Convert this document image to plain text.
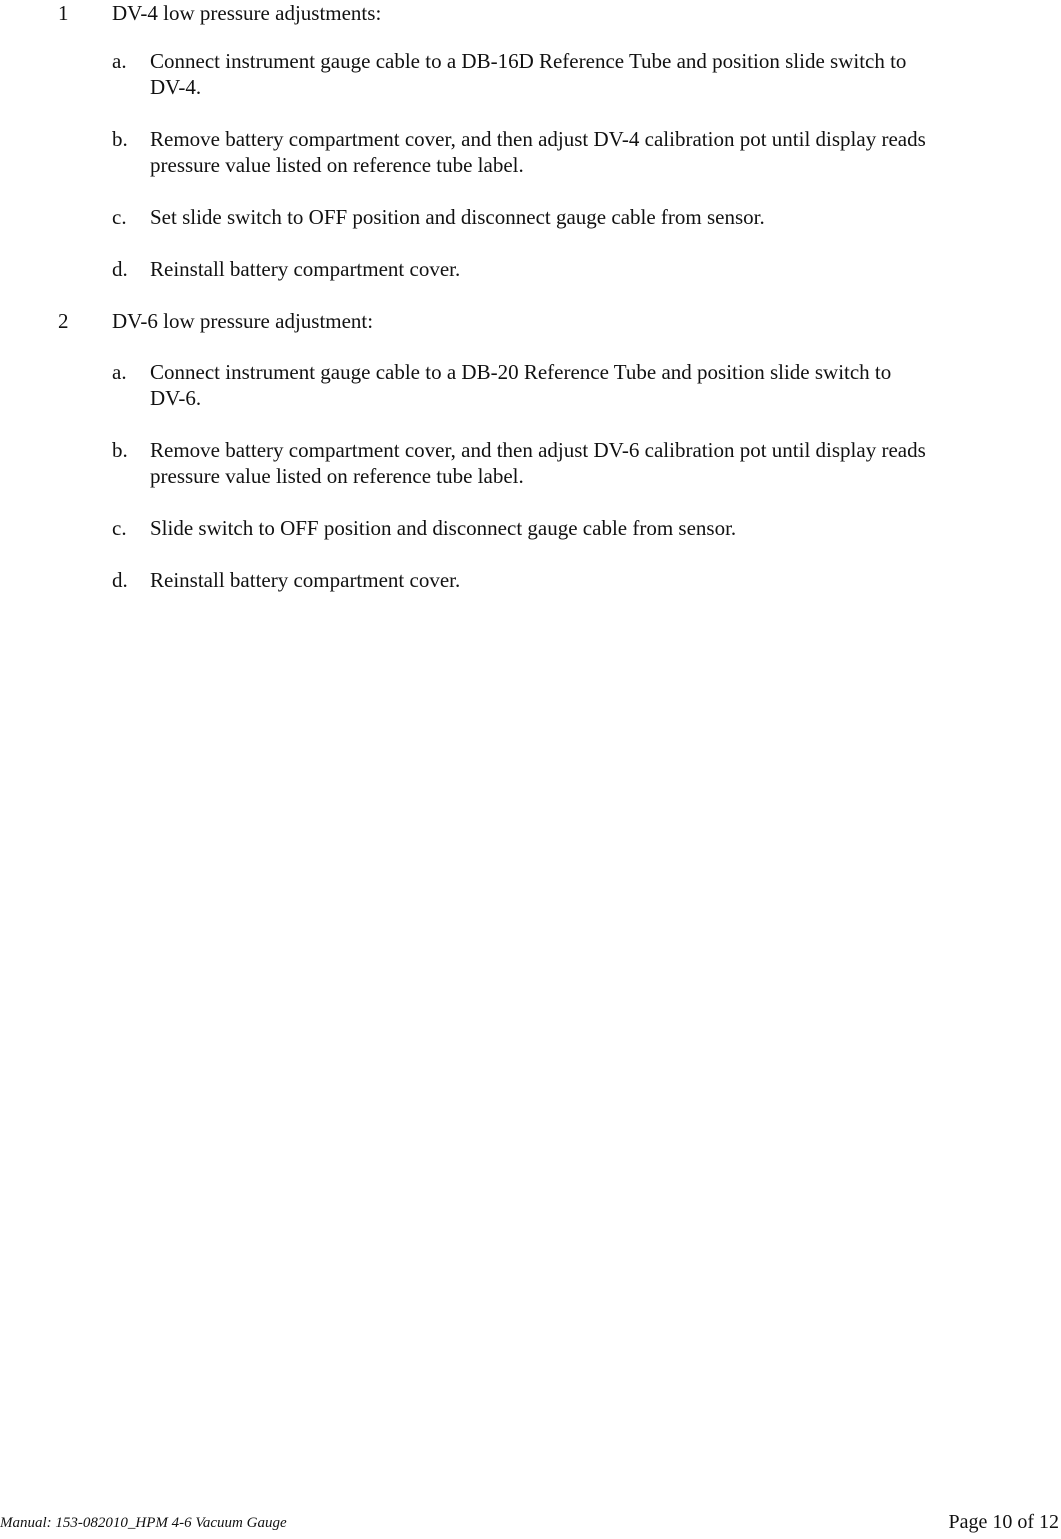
1 DV-4 low pressure adjustments:
a. Connect instrument gauge cable to a DB-16D Reference Tube and position slide switch to
DV-4.
b. Remove battery compartment cover, and then adjust DV-4 calibration pot until display reads
pressure value listed on reference tube label.
c. Set slide switch to OFF position and disconnect gauge cable from sensor.
d. Reinstall battery compartment cover.
2 DV-6 low pressure adjustment:
a. Connect instrument gauge cable to a DB-20 Reference Tube and position slide switch to
DV-6.
b. Remove battery compartment cover, and then adjust DV-6 calibration pot until display reads
pressure value listed on reference tube label.
c. Slide switch to OFF position and disconnect gauge cable from sensor.
d. Reinstall battery compartment cover.
Manual: 153-082010_HPM 4-6 Vacuum Gauge	Page 10 of 12
